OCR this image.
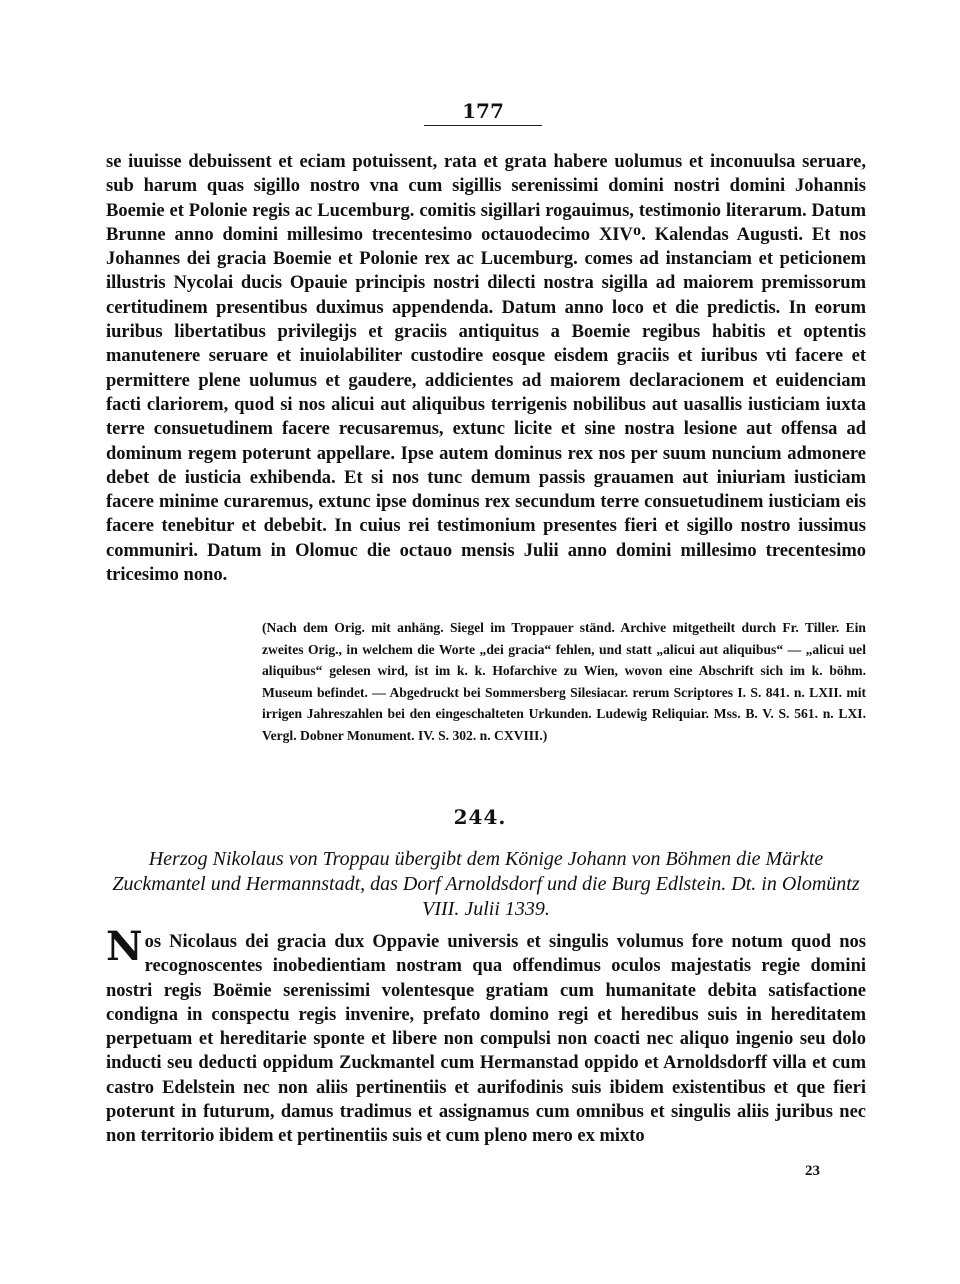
177

se iuuisse debuissent et eciam potuissent, rata et grata habere uolumus et inconuulsa seruare, sub harum quas sigillo nostro vna cum sigillis serenissimi domini nostri domini Johannis Boemie et Polonie regis ac Lucemburg. comitis sigillari rogauimus, testimonio literarum. Datum Brunne anno domini millesimo trecentesimo octauodecimo XIVᴼ. Kalendas Augusti. Et nos Johannes dei gracia Boemie et Polonie rex ac Lucemburg. comes ad instanciam et peticionem illustris Nycolai ducis Opauie principis nostri dilecti nostra sigilla ad maiorem premissorum certitudinem presentibus duximus appendenda. Datum anno loco et die predictis. In eorum iuribus libertatibus privilegijs et graciis antiquitus a Boemie regibus habitis et optentis manutenere seruare et inuiolabiliter custodire eosque eisdem graciis et iuribus vti facere et permittere plene uolumus et gaudere, addicientes ad maiorem declaracionem et euidenciam facti clariorem, quod si nos alicui aut aliquibus terrigenis nobilibus aut uasallis iusticiam iuxta terre consuetudinem facere recusaremus, extunc licite et sine nostra lesione aut offensa ad dominum regem poterunt appellare. Ipse autem dominus rex nos per suum nuncium admonere debet de iusticia exhibenda. Et si nos tunc demum passis grauamen aut iniuriam iusticiam facere minime curaremus, extunc ipse dominus rex secundum terre consuetudinem iusticiam eis facere tenebitur et debebit. In cuius rei testimonium presentes fieri et sigillo nostro iussimus communiri. Datum in Olomuc die octauo mensis Julii anno domini millesimo trecentesimo tricesimo nono.

(Nach dem Orig. mit anhäng. Siegel im Troppauer ständ. Archive mitgetheilt durch Fr. Tiller. Ein zweites Orig., in welchem die Worte „dei gracia“ fehlen, und statt „alicui aut aliquibus“ — „alicui uel aliquibus“ gelesen wird, ist im k. k. Hofarchive zu Wien, wovon eine Abschrift sich im k. böhm. Museum befindet. — Abgedruckt bei Sommersberg Silesiacar. rerum Scriptores I. S. 841. n. LXII. mit irrigen Jahreszahlen bei den eingeschalteten Urkunden. Ludewig Reliquiar. Mss. B. V. S. 561. n. LXI. Vergl. Dobner Monument. IV. S. 302. n. CXVIII.)

244.
Herzog Nikolaus von Troppau übergibt dem Könige Johann von Böhmen die Märkte Zuckmantel und Hermannstadt, das Dorf Arnoldsdorf und die Burg Edlstein. Dt. in Olomüntz VIII. Julii 1339.

Nos Nicolaus dei gracia dux Oppavie universis et singulis volumus fore notum quod nos recognoscentes inobedientiam nostram qua offendimus oculos majestatis regie domini nostri regis Boëmie serenissimi volentesque gratiam cum humanitate debita satisfactione condigna in conspectu regis invenire, prefato domino regi et heredibus suis in hereditatem perpetuam et hereditarie sponte et libere non compulsi non coacti nec aliquo ingenio seu dolo inducti seu deducti oppidum Zuckmantel cum Hermanstad oppido et Arnoldsdorff villa et cum castro Edelstein nec non aliis pertinentiis et aurifodinis suis ibidem existentibus et que fieri poterunt in futurum, damus tradimus et assignamus cum omnibus et singulis aliis juribus nec non territorio ibidem et pertinentiis suis et cum pleno mero ex mixto

23
